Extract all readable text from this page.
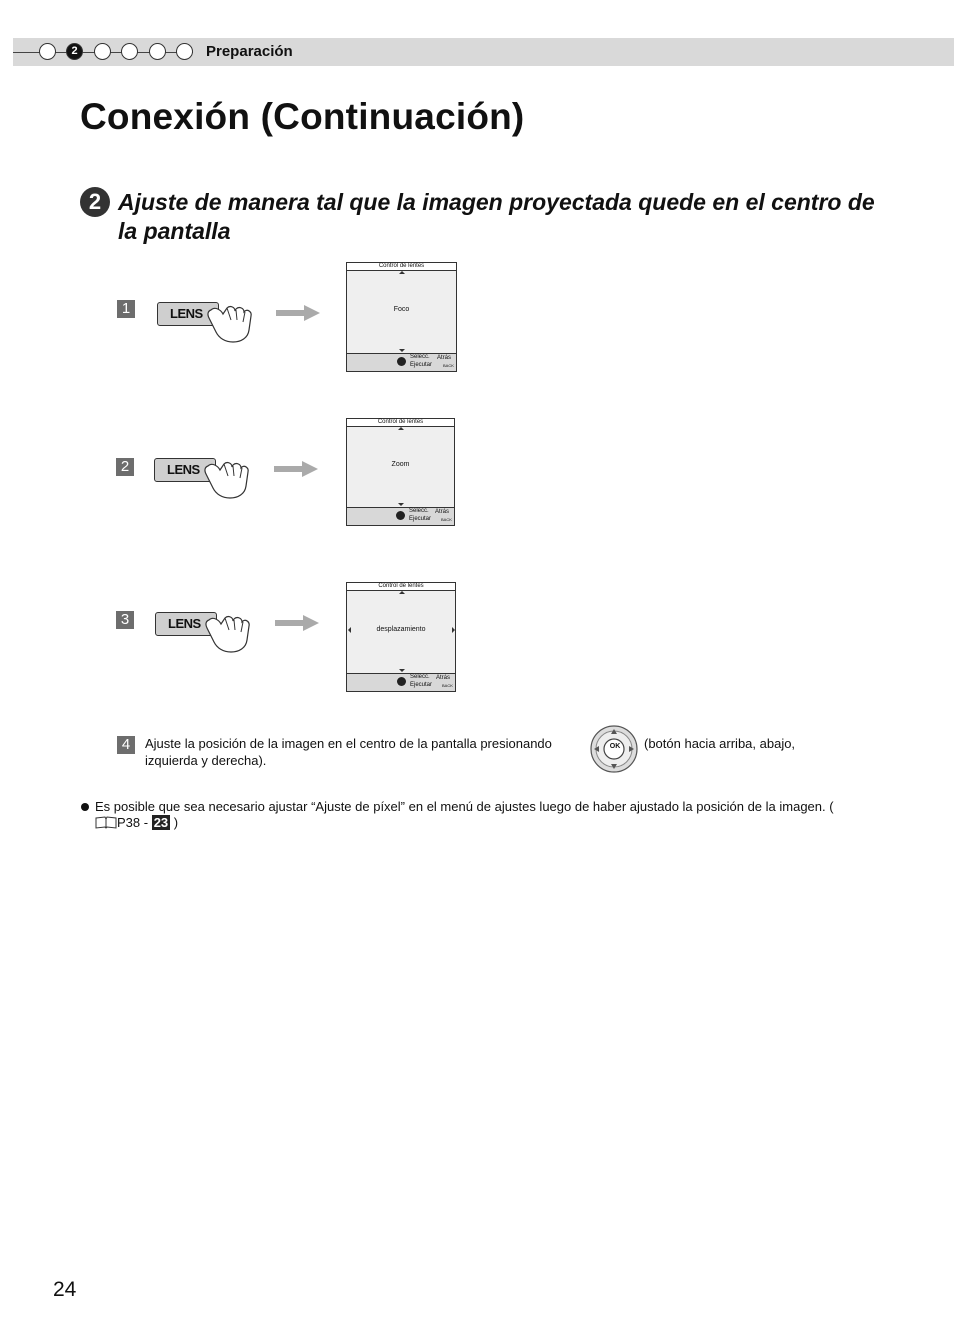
2	Preparación
Conexión (Continuación)
2 Ajuste de manera tal que la imagen proyectada quede en el centro de la pantalla
1	LENS
Control de lentes
Foco
Selecc.
Ejecutar
Atrás
BACK
2	LENS
Control de lentes
Zoom
Selecc.
Ejecutar
Atrás
BACK
3	LENS
Control de lentes
desplazamiento
Selecc.
Ejecutar
Atrás
BACK
4	Ajuste la posición de la imagen en el centro de la pantalla presionando	OK (botón hacia arriba, abajo,
izquierda y derecha).
Es posible que sea necesario ajustar “Ajuste de píxel” en el menú de ajustes luego de haber ajustado la posición de la imagen. (P38 - 23 )
24
